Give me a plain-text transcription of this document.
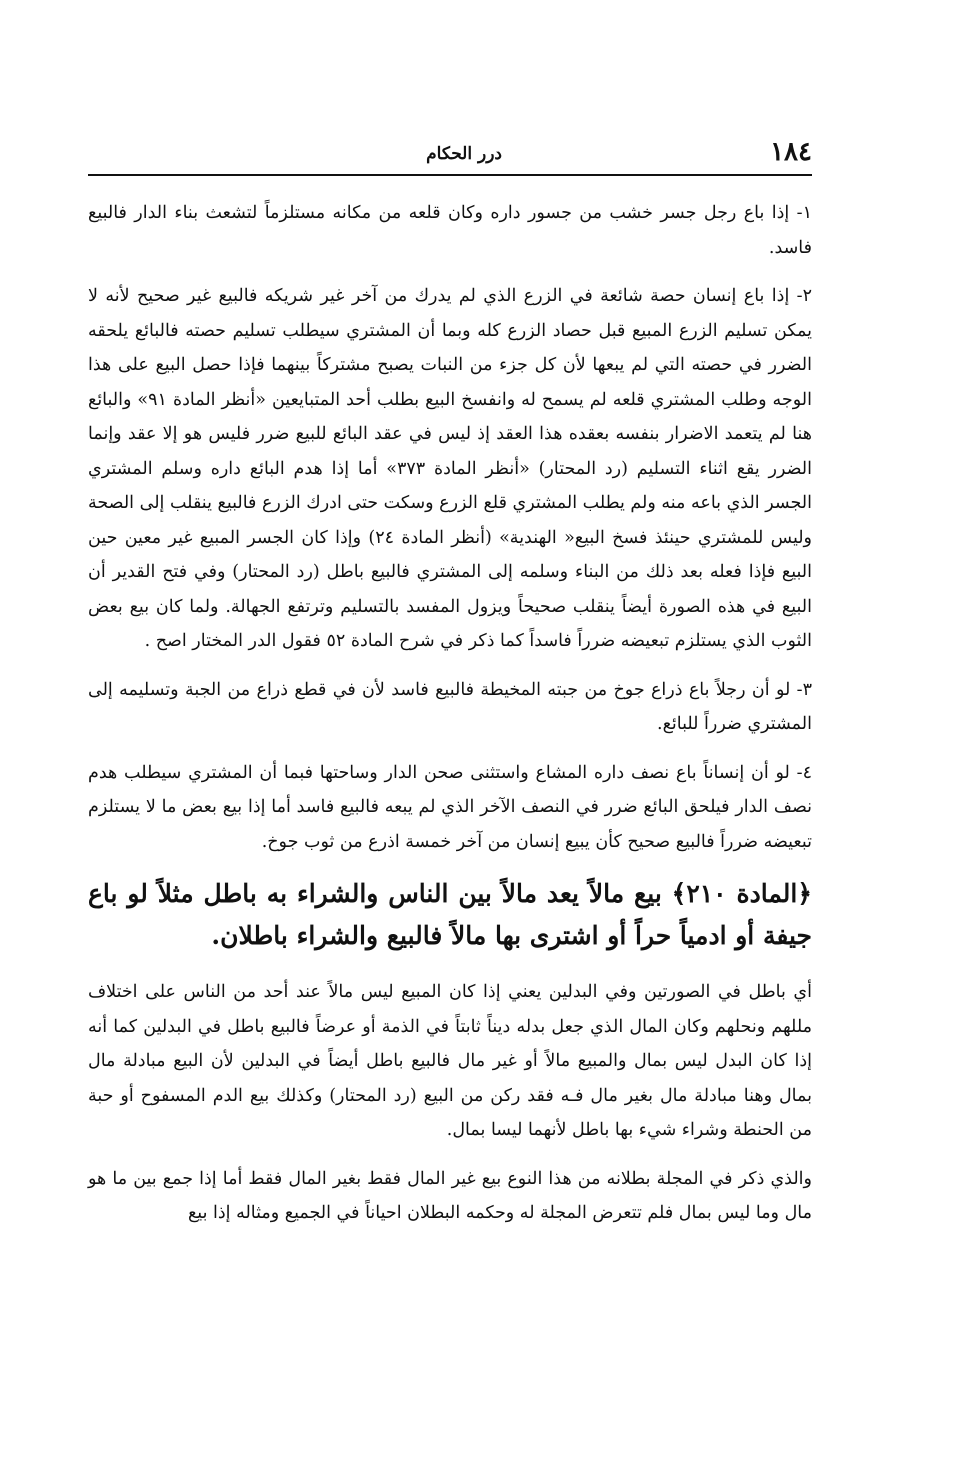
١٨٤
درر الحكام

١- إذا باع رجل جسر خشب من جسور داره وكان قلعه من مكانه مستلزماً لتشعث بناء الدار فالبيع فاسد.

٢- إذا باع إنسان حصة شائعة في الزرع الذي لم يدرك من آخر غير شريكه فالبيع غير صحيح لأنه لا يمكن تسليم الزرع المبيع قبل حصاد الزرع كله وبما أن المشتري سيطلب تسليم حصته فالبائع يلحقه الضرر في حصته التي لم يبعها لأن كل جزء من النبات يصبح مشتركاً بينهما فإذا حصل البيع على هذا الوجه وطلب المشتري قلعه لم يسمح له وانفسخ البيع بطلب أحد المتبايعين «أنظر المادة ٩١» والبائع هنا لم يتعمد الاضرار بنفسه بعقده هذا العقد إذ ليس في عقد البائع للبيع ضرر فليس هو إلا عقد وإنما الضرر يقع اثناء التسليم (رد المحتار) «أنظر المادة ٣٧٣» أما إذا هدم البائع داره وسلم المشتري الجسر الذي باعه منه ولم يطلب المشتري قلع الزرع وسكت حتى ادرك الزرع فالبيع ينقلب إلى الصحة وليس للمشتري حينئذ فسخ البيع« الهندية» (أنظر المادة ٢٤) وإذا كان الجسر المبيع غير معين حين البيع فإذا فعله بعد ذلك من البناء وسلمه إلى المشتري فالبيع باطل (رد المحتار) وفي فتح القدير أن البيع في هذه الصورة أيضاً ينقلب صحيحاً ويزول المفسد بالتسليم وترتفع الجهالة. ولما كان بيع بعض الثوب الذي يستلزم تبعيضه ضرراً فاسداً كما ذكر في شرح المادة ٥٢ فقول الدر المختار اصح .

٣- لو أن رجلاً باع ذراع جوخ من جبته المخيطة فالبيع فاسد لأن في قطع ذراع من الجبة وتسليمه إلى المشتري ضرراً للبائع.

٤- لو أن إنساناً باع نصف داره المشاع واستثنى صحن الدار وساحتها فبما أن المشتري سيطلب هدم نصف الدار فيلحق البائع ضرر في النصف الآخر الذي لم يبعه فالبيع فاسد أما إذا بيع بعض ما لا يستلزم تبعيضه ضرراً فالبيع صحيح كأن يبيع إنسان من آخر خمسة اذرع من ثوب جوخ.

﴿المادة ٢١٠﴾ بيع مالاً يعد مالاً بين الناس والشراء به باطل مثلاً لو باع جيفة أو ادمياً حراً أو اشترى بها مالاً فالبيع والشراء باطلان.

أي باطل في الصورتين وفي البدلين يعني إذا كان المبيع ليس مالاً عند أحد من الناس على اختلاف مللهم ونحلهم وكان المال الذي جعل بدله ديناً ثابتاً في الذمة أو عرضاً فالبيع باطل في البدلين كما أنه إذا كان البدل ليس بمال والمبيع مالاً أو غير مال فالبيع باطل أيضاً في البدلين لأن البيع مبادلة مال بمال وهنا مبادلة مال بغير مال فـه فقد ركن من البيع (رد المحتار) وكذلك بيع الدم المسفوح أو حبة من الحنطة وشراء شيء بها باطل لأنهما ليسا بمال.

والذي ذكر في المجلة بطلانه من هذا النوع بيع غير المال فقط بغير المال فقط أما إذا جمع بين ما هو مال وما ليس بمال فلم تتعرض المجلة له وحكمه البطلان احياناً في الجميع ومثاله إذا بيع
